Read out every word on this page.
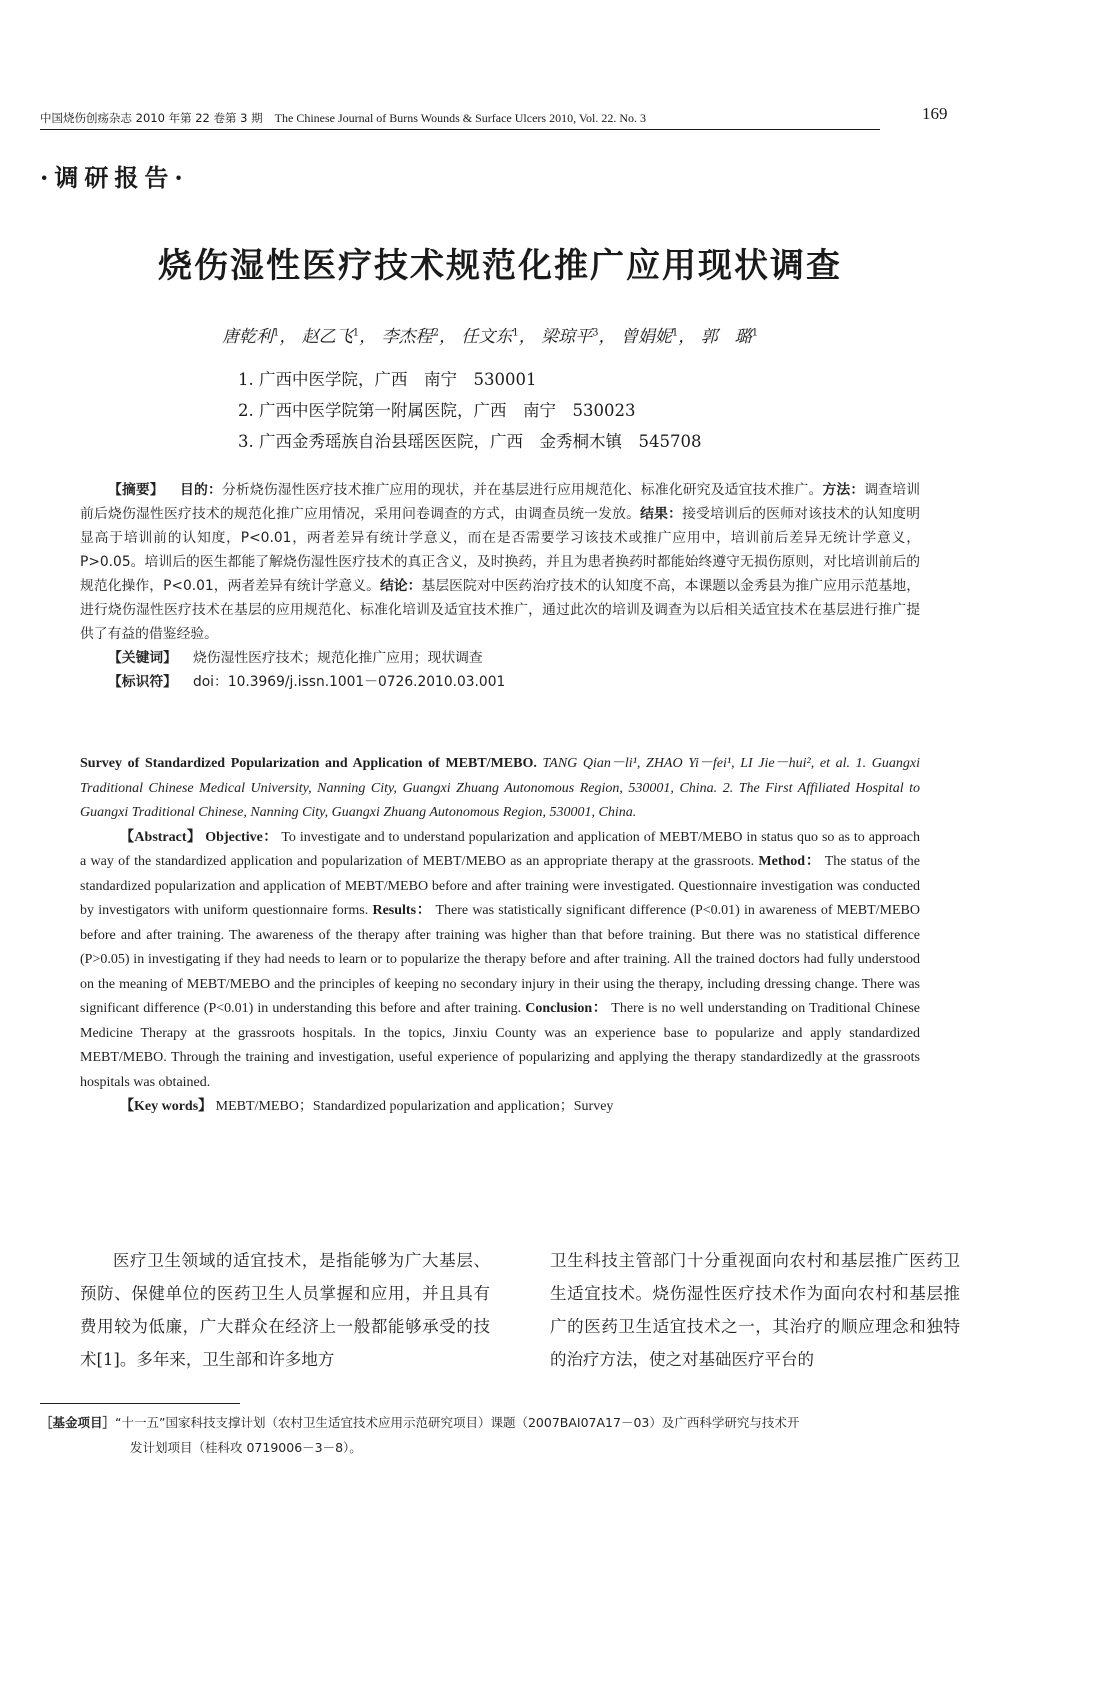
中国烧伤创疡杂志 2010 年第 22 卷第 3 期 The Chinese Journal of Burns Wounds & Surface Ulcers 2010, Vol. 22. No. 3	169
·调研报告·
烧伤湿性医疗技术规范化推广应用现状调查
唐乾利$^1$， 赵乙飞$^1$， 李杰程$^2$， 任文东$^1$， 梁琼平$^3$， 曾娟妮$^1$， 郭　璐$^1$
1. 广西中医学院，广西　南宁　530001
2. 广西中医学院第一附属医院，广西　南宁　530023
3. 广西金秀瑶族自治县瑶医医院，广西　金秀桐木镇　545708

【摘要】 目的：分析烧伤湿性医疗技术推广应用的现状，并在基层进行应用规范化、标准化研究及适宜技术推广。方法：调查培训前后烧伤湿性医疗技术的规范化推广应用情况，采用问卷调查的方式，由调查员统一发放。结果：接受培训后的医师对该技术的认知度明显高于培训前的认知度，P<0.01，两者差异有统计学意义，而在是否需要学习该技术或推广应用中，培训前后差异无统计学意义，P>0.05。培训后的医生都能了解烧伤湿性医疗技术的真正含义，及时换药，并且为患者换药时都能始终遵守无损伤原则，对比培训前后的规范化操作，P<0.01，两者差异有统计学意义。结论：基层医院对中医药治疗技术的认知度不高，本课题以金秀县为推广应用示范基地，进行烧伤湿性医疗技术在基层的应用规范化、标准化培训及适宜技术推广，通过此次的培训及调查为以后相关适宜技术在基层进行推广提供了有益的借鉴经验。

【关键词】 烧伤湿性医疗技术；规范化推广应用；现状调查

【标识符】 doi：10.3969/j.issn.1001－0726.2010.03.001

Survey of Standardized Popularization and Application of MEBT/MEBO. TANG Qian－li¹, ZHAO Yi－fei¹, LI Jie－hui², et al. 1. Guangxi Traditional Chinese Medical University, Nanning City, Guangxi Zhuang Autonomous Region, 530001, China. 2. The First Affiliated Hospital to Guangxi Traditional Chinese, Nanning City, Guangxi Zhuang Autonomous Region, 530001, China.

【Abstract】 Objective： To investigate and to understand popularization and application of MEBT/MEBO in status quo so as to approach a way of the standardized application and popularization of MEBT/MEBO as an appropriate therapy at the grassroots. Method： The status of the standardized popularization and application of MEBT/MEBO before and after training were investigated. Questionnaire investigation was conducted by investigators with uniform questionnaire forms. Results： There was statistically significant difference (P<0.01) in awareness of MEBT/MEBO before and after training. The awareness of the therapy after training was higher than that before training. But there was no statistical difference (P>0.05) in investigating if they had needs to learn or to popularize the therapy before and after training. All the trained doctors had fully understood on the meaning of MEBT/MEBO and the principles of keeping no secondary injury in their using the therapy, including dressing change. There was significant difference (P<0.01) in understanding this before and after training. Conclusion： There is no well understanding on Traditional Chinese Medicine Therapy at the grassroots hospitals. In the topics, Jinxiu County was an experience base to popularize and apply standardized MEBT/MEBO. Through the training and investigation, useful experience of popularizing and applying the therapy standardizedly at the grassroots hospitals was obtained.

【Key words】 MEBT/MEBO；Standardized popularization and application；Survey

医疗卫生领域的适宜技术，是指能够为广大基层、预防、保健单位的医药卫生人员掌握和应用，并且具有费用较为低廉，广大群众在经济上一般都能够承受的技术[1]。多年来，卫生部和许多地方

卫生科技主管部门十分重视面向农村和基层推广医药卫生适宜技术。烧伤湿性医疗技术作为面向农村和基层推广的医药卫生适宜技术之一，其治疗的顺应理念和独特的治疗方法，使之对基础医疗平台的

［基金项目］“十一五”国家科技支撑计划（农村卫生适宜技术应用示范研究项目）课题（2007BAI07A17－03）及广西科学研究与技术开
发计划项目（桂科攻 0719006－3－8）。
